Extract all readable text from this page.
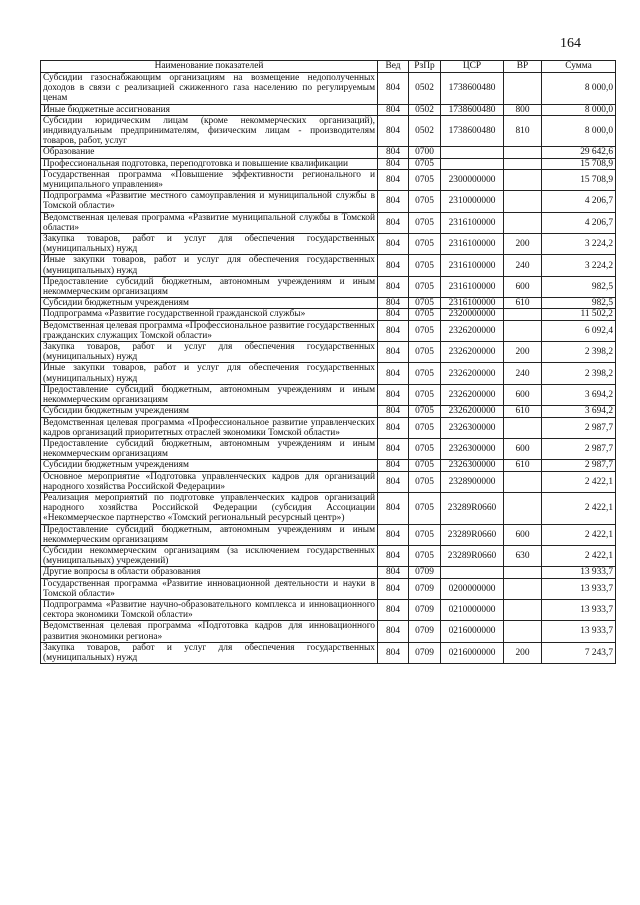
164
Наименование показателей	Вед	РзПр	ЦСР	ВР	Сумма
Субсидии газоснабжающим организациям на возмещение недополученных доходов в связи с реализацией сжиженного газа населению по регулируемым ценам	804	0502	1738600480		8 000,0
Иные бюджетные ассигнования	804	0502	1738600480	800	8 000,0
Субсидии юридическим лицам (кроме некоммерческих организаций), индивидуальным предпринимателям, физическим лицам - производителям товаров, работ, услуг	804	0502	1738600480	810	8 000,0
Образование	804	0700			29 642,6
Профессиональная подготовка, переподготовка и повышение квалификации	804	0705			15 708,9
Государственная программа «Повышение эффективности регионального и муниципального управления»	804	0705	2300000000		15 708,9
Подпрограмма «Развитие местного самоуправления и муниципальной службы в Томской области»	804	0705	2310000000		4 206,7
Ведомственная целевая программа «Развитие муниципальной службы в Томской области»	804	0705	2316100000		4 206,7
Закупка товаров, работ и услуг для обеспечения государственных (муниципальных) нужд	804	0705	2316100000	200	3 224,2
Иные закупки товаров, работ и услуг для обеспечения государственных (муниципальных) нужд	804	0705	2316100000	240	3 224,2
Предоставление субсидий бюджетным, автономным учреждениям и иным некоммерческим организациям	804	0705	2316100000	600	982,5
Субсидии бюджетным учреждениям	804	0705	2316100000	610	982,5
Подпрограмма «Развитие государственной гражданской службы»	804	0705	2320000000		11 502,2
Ведомственная целевая программа «Профессиональное развитие государственных гражданских служащих Томской области»	804	0705	2326200000		6 092,4
Закупка товаров, работ и услуг для обеспечения государственных (муниципальных) нужд	804	0705	2326200000	200	2 398,2
Иные закупки товаров, работ и услуг для обеспечения государственных (муниципальных) нужд	804	0705	2326200000	240	2 398,2
Предоставление субсидий бюджетным, автономным учреждениям и иным некоммерческим организациям	804	0705	2326200000	600	3 694,2
Субсидии бюджетным учреждениям	804	0705	2326200000	610	3 694,2
Ведомственная целевая программа «Профессиональное развитие управленческих кадров организаций приоритетных отраслей экономики Томской области»	804	0705	2326300000		2 987,7
Предоставление субсидий бюджетным, автономным учреждениям и иным некоммерческим организациям	804	0705	2326300000	600	2 987,7
Субсидии бюджетным учреждениям	804	0705	2326300000	610	2 987,7
Основное мероприятие «Подготовка управленческих кадров для организаций народного хозяйства Российской Федерации»	804	0705	2328900000		2 422,1
Реализация мероприятий по подготовке управленческих кадров организаций народного хозяйства Российской Федерации (субсидия Ассоциации «Некоммерческое партнерство «Томский региональный ресурсный центр»)	804	0705	23289R0660		2 422,1
Предоставление субсидий бюджетным, автономным учреждениям и иным некоммерческим организациям	804	0705	23289R0660	600	2 422,1
Субсидии некоммерческим организациям (за исключением государственных (муниципальных) учреждений)	804	0705	23289R0660	630	2 422,1
Другие вопросы в области образования	804	0709			13 933,7
Государственная программа «Развитие инновационной деятельности и науки в Томской области»	804	0709	0200000000		13 933,7
Подпрограмма «Развитие научно-образовательного комплекса и инновационного сектора экономики Томской области»	804	0709	0210000000		13 933,7
Ведомственная целевая программа «Подготовка кадров для инновационного развития экономики региона»	804	0709	0216000000		13 933,7
Закупка товаров, работ и услуг для обеспечения государственных (муниципальных) нужд	804	0709	0216000000	200	7 243,7
